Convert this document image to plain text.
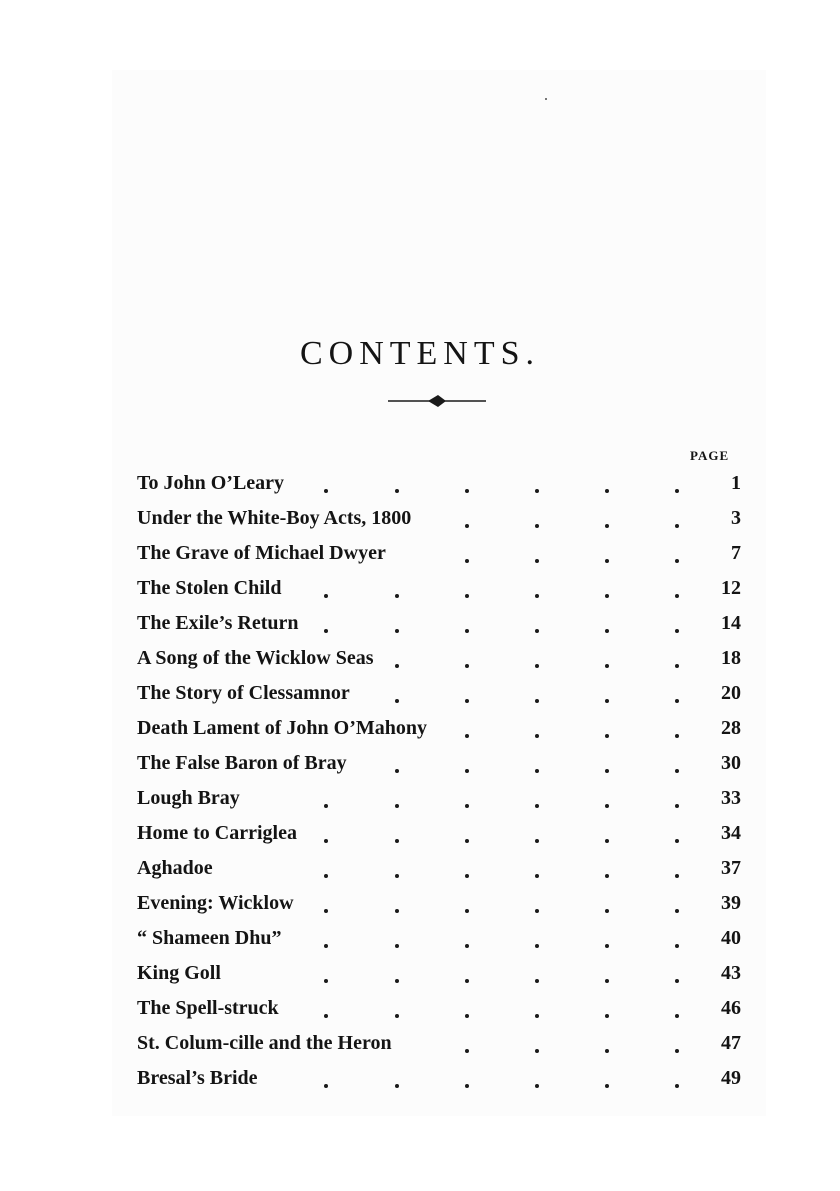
CONTENTS.
PAGE
To John O’Leary	1
Under the White-Boy Acts, 1800	3
The Grave of Michael Dwyer	7
The Stolen Child	12
The Exile’s Return	14
A Song of the Wicklow Seas	18
The Story of Clessamnor	20
Death Lament of John O’Mahony	28
The False Baron of Bray	30
Lough Bray	33
Home to Carriglea	34
Aghadoe	37
Evening: Wicklow	39
“ Shameen Dhu”	40
King Goll	43
The Spell-struck	46
St. Colum-cille and the Heron	47
Bresal’s Bride	49
